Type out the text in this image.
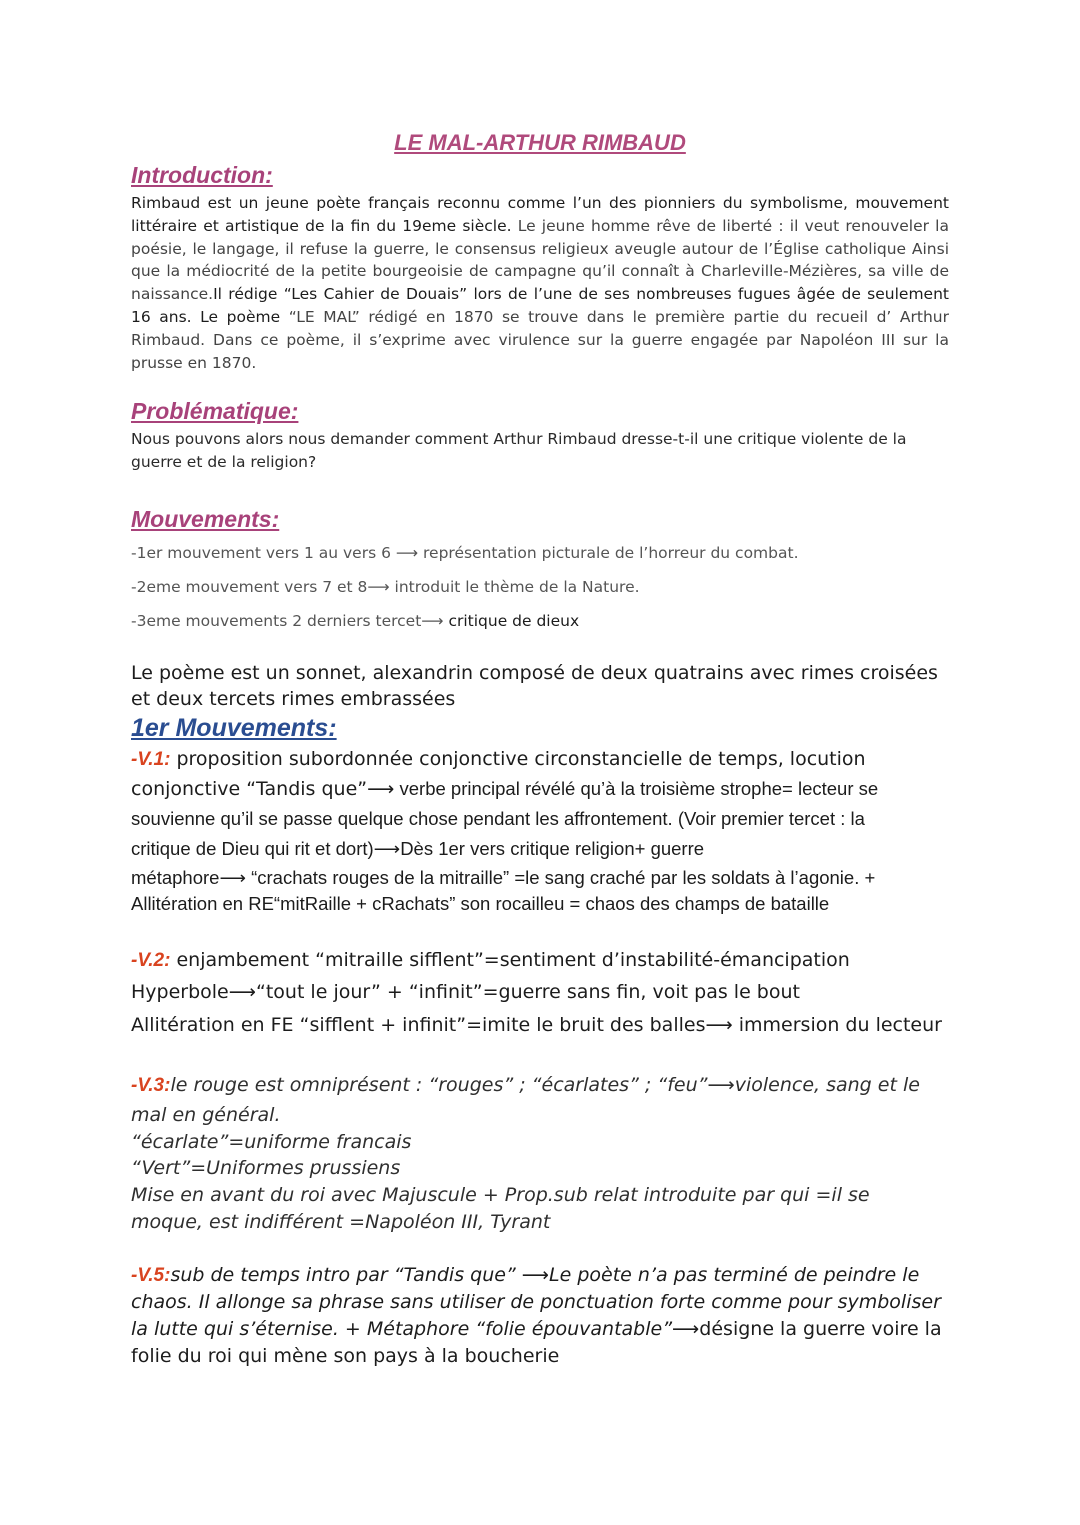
LE MAL-ARTHUR RIMBAUD
Introduction:

Rimbaud est un jeune poète français reconnu comme l’un des pionniers du symbolisme, mouvement littéraire et artistique de la fin du 19eme siècle. Le jeune homme rêve de liberté : il veut renouveler la poésie, le langage, il refuse la guerre, le consensus religieux aveugle autour de l’Église catholique Ainsi que la médiocrité de la petite bourgeoisie de campagne qu’il connaît à Charleville-Mézières, sa ville de naissance.Il rédige “Les Cahier de Douais” lors de l’une de ses nombreuses fugues âgée de seulement 16 ans. Le poème “LE MAL” rédigé en 1870 se trouve dans le première partie du recueil d’ Arthur Rimbaud. Dans ce poème, il s’exprime avec virulence sur la guerre engagée par Napoléon III sur la prusse en 1870.

Problématique:

Nous pouvons alors nous demander comment Arthur Rimbaud dresse-t-il une critique violente de la guerre et de la religion?

Mouvements:

-1er mouvement vers 1 au vers 6 ⟶ représentation picturale de l’horreur du combat.

-2eme mouvement vers 7 et 8⟶ introduit le thème de la Nature.

-3eme mouvements 2 derniers tercet⟶ critique de dieux

Le poème est un sonnet, alexandrin composé de deux quatrains avec rimes croisées et deux tercets rimes embrassées

1er Mouvements:
-V.1: proposition subordonnée conjonctive circonstancielle de temps, locution
conjonctive “Tandis que”⟶ verbe principal révélé qu’à la troisième strophe= lecteur se
souvienne qu’il se passe quelque chose pendant les affrontement. (Voir premier tercet : la
critique de Dieu qui rit et dort)⟶Dès 1er vers critique religion+ guerre
métaphore⟶ “crachats rouges de la mitraille” =le sang craché par les soldats à l’agonie. +
Allitération en RE“mitRaille + cRachats” son rocailleu = chaos des champs de bataille
-V.2: enjambement “mitraille sifflent”=sentiment d’instabilité-émancipation
Hyperbole⟶“tout le jour” + “infinit”=guerre sans fin, voit pas le bout
Allitération en FE “sifflent + infinit”=imite le bruit des balles⟶ immersion du lecteur
-V.3:le rouge est omniprésent : “rouges” ; “écarlates” ; “feu”⟶violence, sang et le
mal en général.
“écarlate”=uniforme francais
“Vert”=Uniformes prussiens
Mise en avant du roi avec Majuscule + Prop.sub relat introduite par qui =il se
moque, est indifférent =Napoléon III, Tyrant
-V.5:sub de temps intro par “Tandis que” ⟶Le poète n’a pas terminé de peindre le
chaos. Il allonge sa phrase sans utiliser de ponctuation forte comme pour symboliser
la lutte qui s’éternise. + Métaphore “folie épouvantable”⟶désigne la guerre voire la
folie du roi qui mène son pays à la boucherie
